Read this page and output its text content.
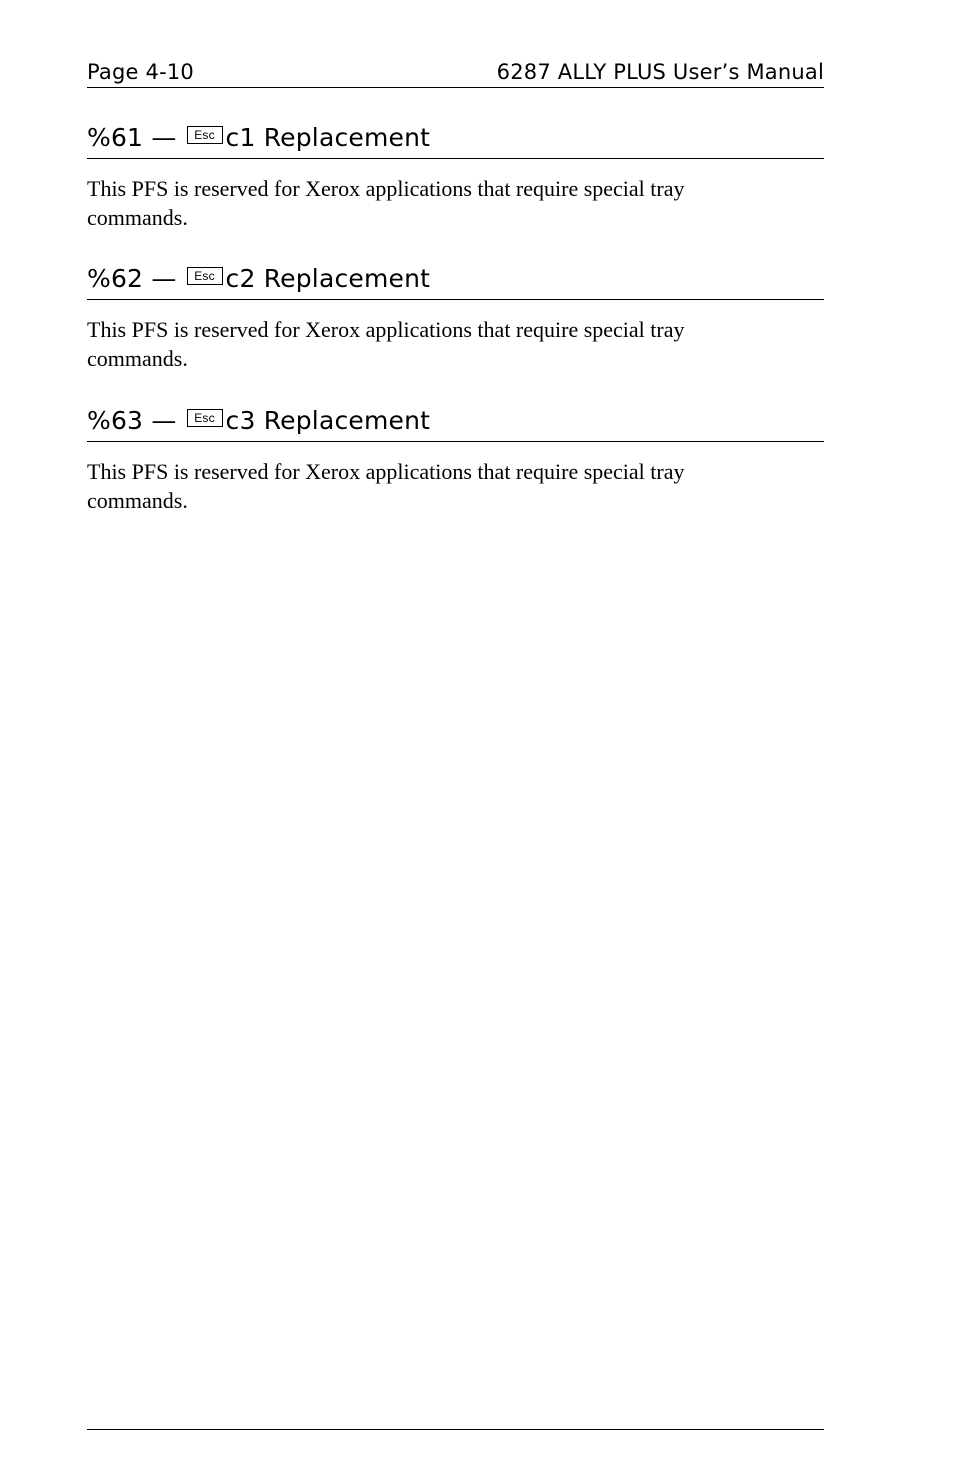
Page 4-10	6287 ALLY PLUS User’s Manual
%61 — Esc c1 Replacement
This PFS is reserved for Xerox applications that require special tray commands.
%62 — Esc c2 Replacement
This PFS is reserved for Xerox applications that require special tray commands.
%63 — Esc c3 Replacement
This PFS is reserved for Xerox applications that require special tray commands.
